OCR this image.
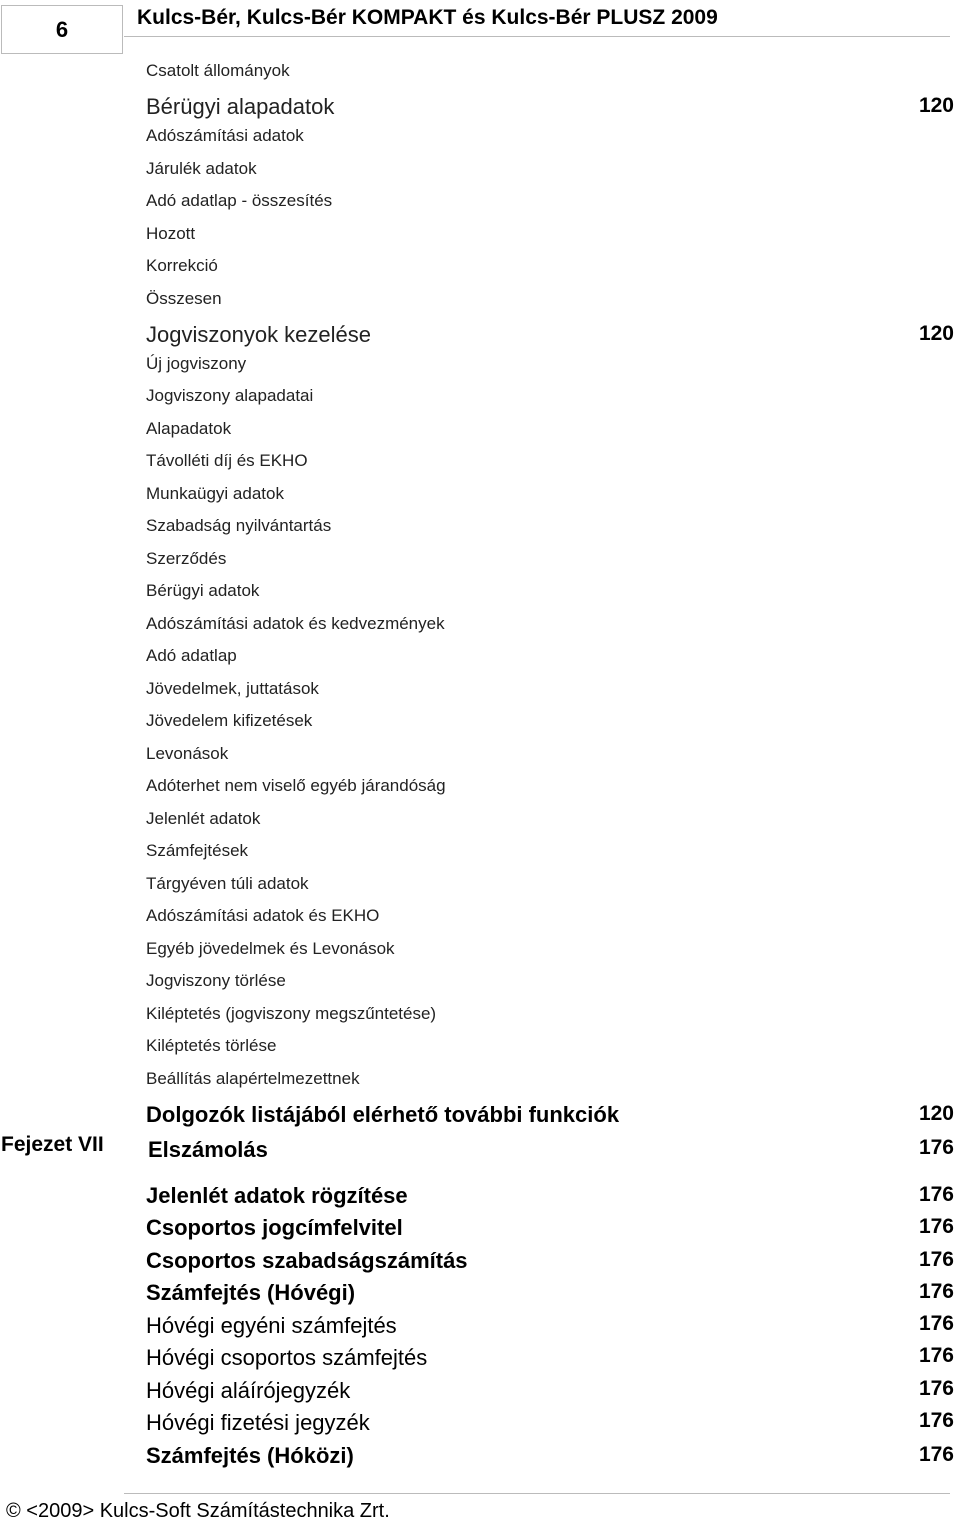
6	Kulcs-Bér, Kulcs-Bér KOMPAKT és Kulcs-Bér PLUSZ 2009
Fejezet VII
Csatolt állományok
Bérügyi alapadatok	120
Adószámítási adatok
Járulék adatok
Adó adatlap - összesítés
Hozott
Korrekció
Összesen
Jogviszonyok kezelése	120
Új jogviszony
Jogviszony alapadatai
Alapadatok
Távolléti díj és EKHO
Munkaügyi adatok
Szabadság nyilvántartás
Szerződés
Bérügyi adatok
Adószámítási adatok és kedvezmények
Adó adatlap
Jövedelmek, juttatások
Jövedelem kifizetések
Levonások
Adóterhet nem viselő egyéb járandóság
Jelenlét adatok
Számfejtések
Tárgyéven túli adatok
Adószámítási adatok és EKHO
Egyéb jövedelmek és Levonások
Jogviszony törlése
Kiléptetés (jogviszony megszűntetése)
Kiléptetés törlése
Beállítás alapértelmezettnek
Dolgozók listájából elérhető további funkciók	120
Elszámolás	176
Jelenlét adatok rögzítése	176
Csoportos jogcímfelvitel	176
Csoportos szabadságszámítás	176
Számfejtés (Hóvégi)	176
Hóvégi egyéni számfejtés	176
Hóvégi csoportos számfejtés	176
Hóvégi aláírójegyzék	176
Hóvégi fizetési jegyzék	176
Számfejtés (Hóközi)	176
© <2009> Kulcs-Soft Számítástechnika Zrt.
